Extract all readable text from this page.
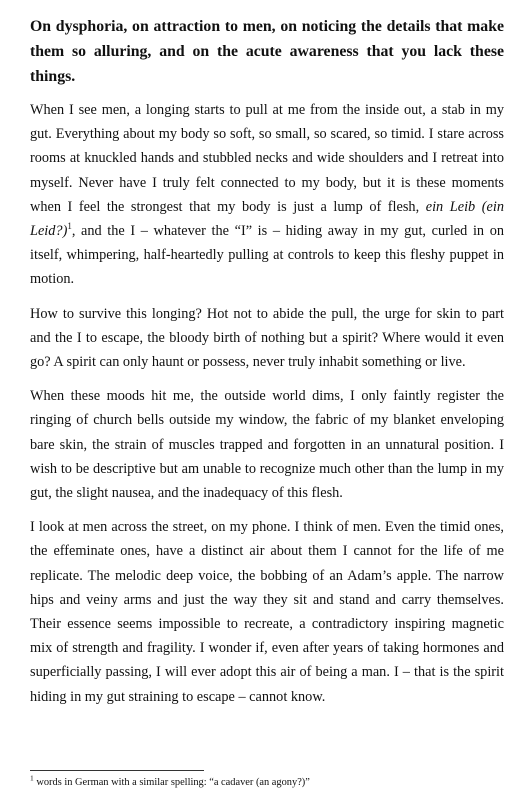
On dysphoria, on attraction to men, on noticing the details that make them so alluring, and on the acute awareness that you lack these things.

When I see men, a longing starts to pull at me from the inside out, a stab in my gut. Everything about my body so soft, so small, so scared, so timid. I stare across rooms at knuckled hands and stubbled necks and wide shoulders and I retreat into myself. Never have I truly felt connected to my body, but it is these moments when I feel the strongest that my body is just a lump of flesh, ein Leib (ein Leid?)$^1$, and the I – whatever the “I” is – hiding away in my gut, curled in on itself, whimpering, half-heartedly pulling at controls to keep this fleshy puppet in motion.

How to survive this longing? Hot not to abide the pull, the urge for skin to part and the I to escape, the bloody birth of nothing but a spirit? Where would it even go? A spirit can only haunt or possess, never truly inhabit something or live.

When these moods hit me, the outside world dims, I only faintly register the ringing of church bells outside my window, the fabric of my blanket enveloping bare skin, the strain of muscles trapped and forgotten in an unnatural position. I wish to be descriptive but am unable to recognize much other than the lump in my gut, the slight nausea, and the inadequacy of this flesh.

I look at men across the street, on my phone. I think of men. Even the timid ones, the effeminate ones, have a distinct air about them I cannot for the life of me replicate. The melodic deep voice, the bobbing of an Adam’s apple. The narrow hips and veiny arms and just the way they sit and stand and carry themselves. Their essence seems impossible to recreate, a contradictory inspiring magnetic mix of strength and fragility. I wonder if, even after years of taking hormones and superficially passing, I will ever adopt this air of being a man. I – that is the spirit hiding in my gut straining to escape – cannot know.

$^1$ words in German with a similar spelling: “a cadaver (an agony?)”
